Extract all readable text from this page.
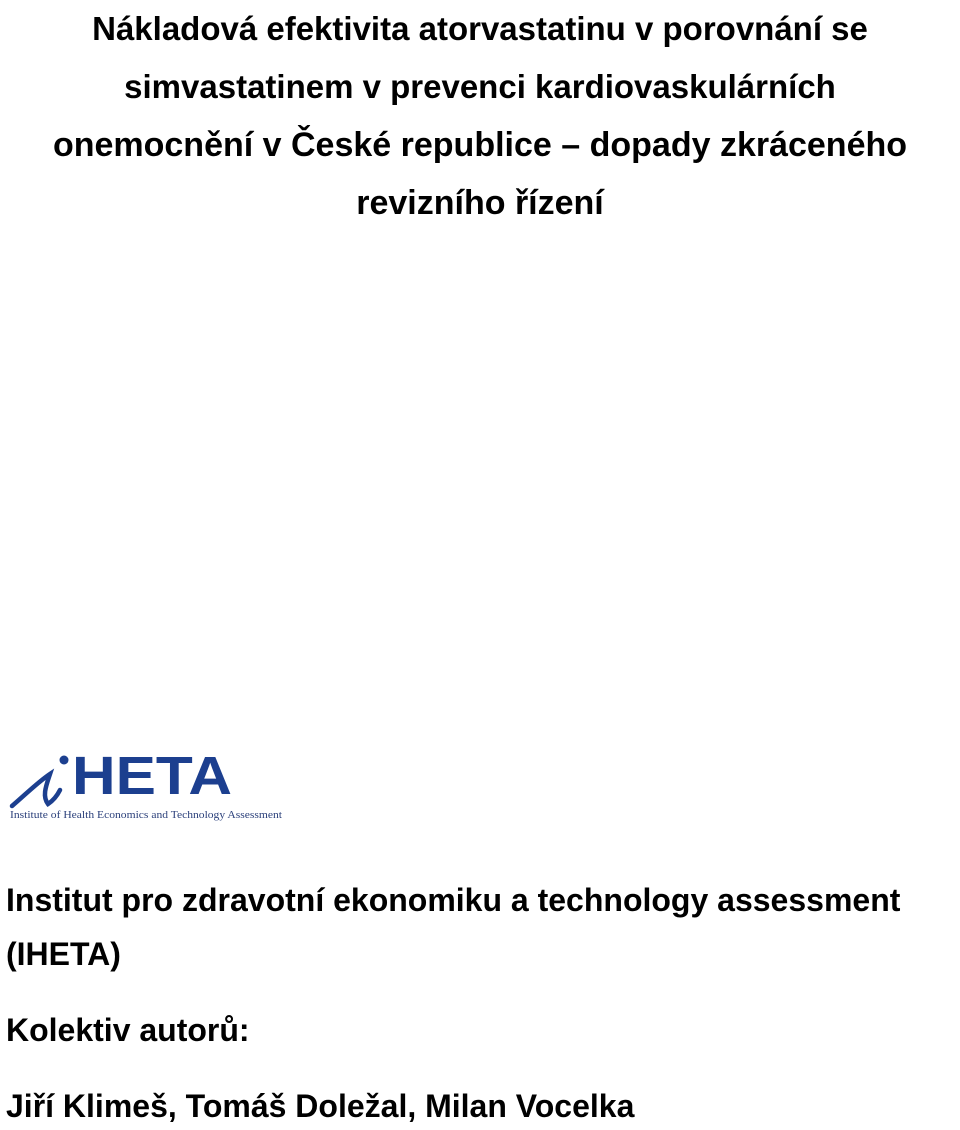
Nákladová efektivita atorvastatinu v porovnání se
simvastatinem v prevenci kardiovaskulárních
onemocnění v České republice – dopady zkráceného
revizního řízení
HETA
Institute of Health Economics and Technology Assessment
Institut pro zdravotní ekonomiku a technology assessment
(IHETA)
Kolektiv autorů:
Jiří Klimeš, Tomáš Doležal, Milan Vocelka
